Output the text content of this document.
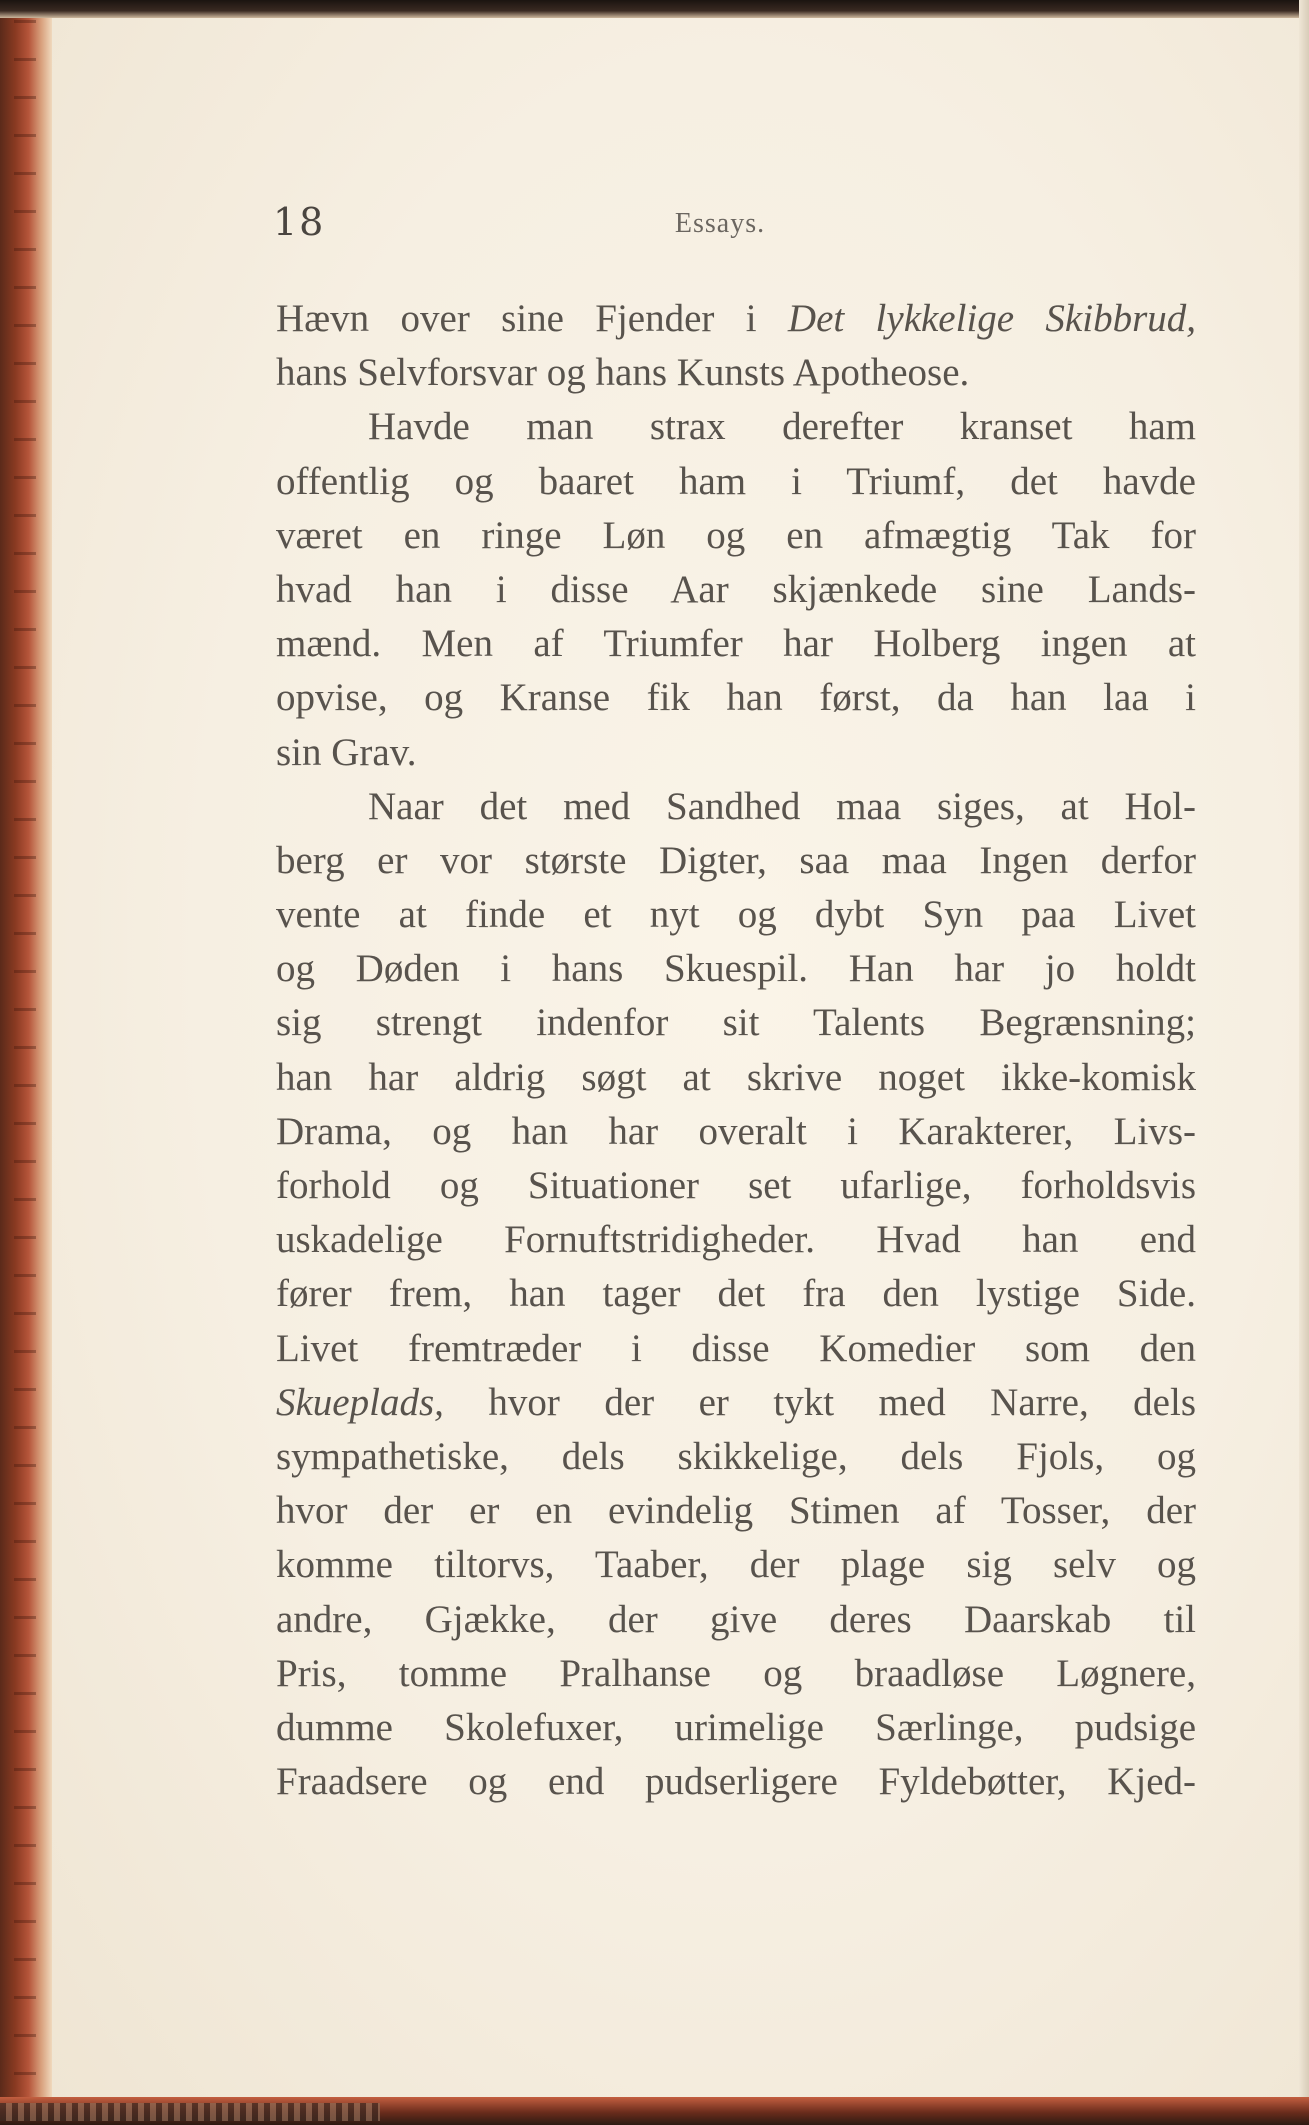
18	Essays.
Hævn over sine Fjender i Det lykkelige Skibbrud,
hans Selvforsvar og hans Kunsts Apotheose.
Havde man strax derefter kranset ham
offentlig og baaret ham i Triumf, det havde
været en ringe Løn og en afmægtig Tak for
hvad han i disse Aar skjænkede sine Lands-
mænd. Men af Triumfer har Holberg ingen at
opvise, og Kranse fik han først, da han laa i
sin Grav.
Naar det med Sandhed maa siges, at Hol-
berg er vor største Digter, saa maa Ingen derfor
vente at finde et nyt og dybt Syn paa Livet
og Døden i hans Skuespil. Han har jo holdt
sig strengt indenfor sit Talents Begrænsning;
han har aldrig søgt at skrive noget ikke-komisk
Drama, og han har overalt i Karakterer, Livs-
forhold og Situationer set ufarlige, forholdsvis
uskadelige Fornuftstridigheder. Hvad han end
fører frem, han tager det fra den lystige Side.
Livet fremtræder i disse Komedier som den
Skueplads, hvor der er tykt med Narre, dels
sympathetiske, dels skikkelige, dels Fjols, og
hvor der er en evindelig Stimen af Tosser, der
komme tiltorvs, Taaber, der plage sig selv og
andre, Gjække, der give deres Daarskab til
Pris, tomme Pralhanse og braadløse Løgnere,
dumme Skolefuxer, urimelige Særlinge, pudsige
Fraadsere og end pudserligere Fyldebøtter, Kjed-
